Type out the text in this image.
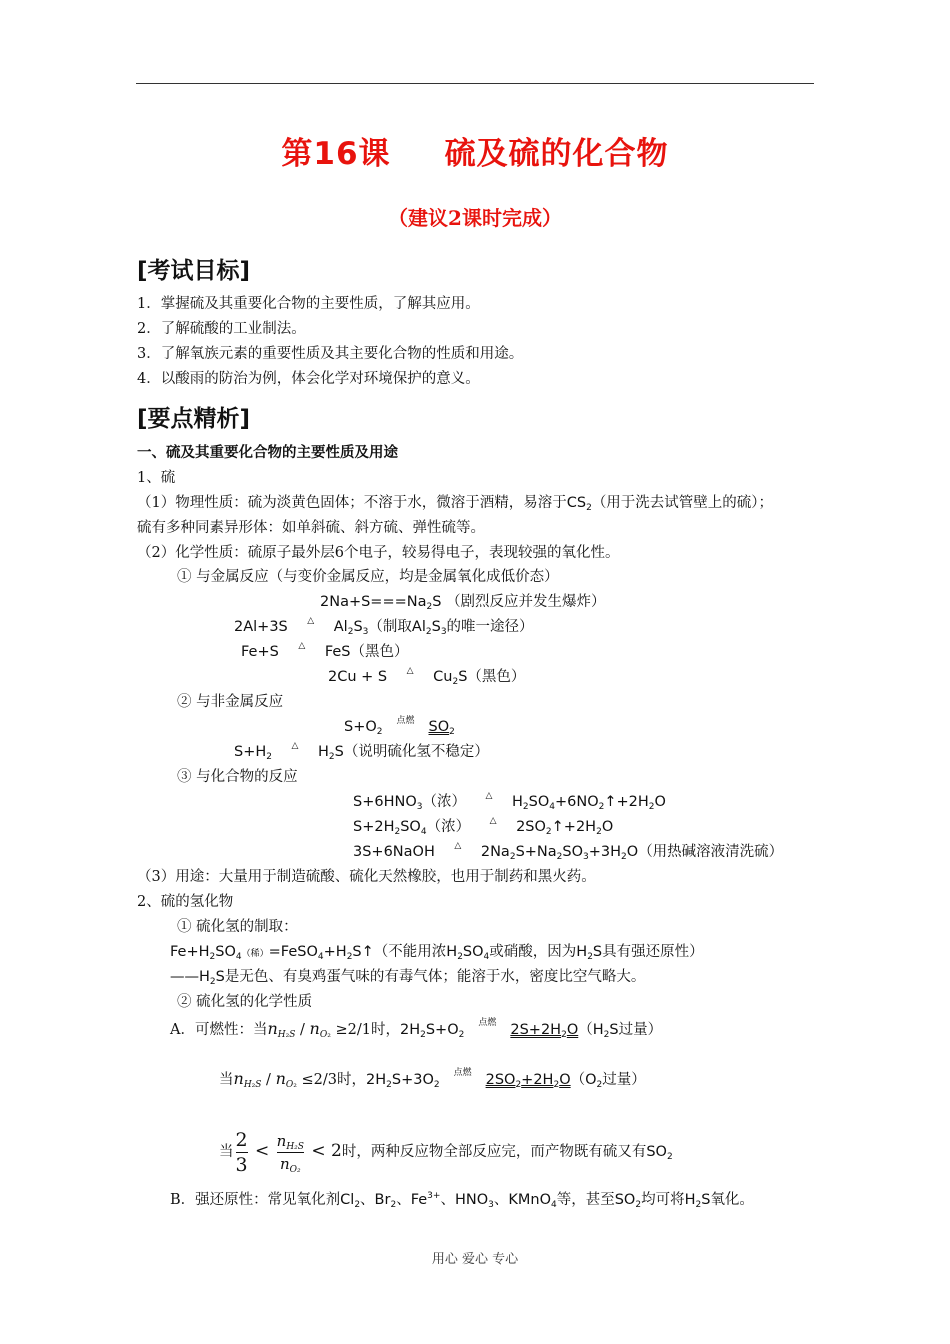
第16课 硫及硫的化合物
（建议2课时完成）
[考试目标]
1．掌握硫及其重要化合物的主要性质，了解其应用。
2．了解硫酸的工业制法。
3．了解氧族元素的重要性质及其主要化合物的性质和用途。
4．以酸雨的防治为例，体会化学对环境保护的意义。
[要点精析]
一、硫及其重要化合物的主要性质及用途
1、硫
（1）物理性质：硫为淡黄色固体；不溶于水，微溶于酒精，易溶于$CS_2$（用于洗去试管壁上的硫）；
硫有多种同素异形体：如单斜硫、斜方硫、弹性硫等。
（2）化学性质：硫原子最外层6个电子，较易得电子，表现较强的氧化性。
① 与金属反应（与变价金属反应，均是金属氧化成低价态）
$2Na+S===Na_2S$ （剧烈反应并发生爆炸）
2Al+3S	△	$Al_2S_3$（制取$Al_2S_3$的唯一途径）
Fe+S	△	FeS（黑色）
2Cu + S	△	$Cu_2S$（黑色）
② 与非金属反应
$S+O_2$
点燃 $SO_2$
$S+H_2$
△	$H_2S$（说明硫化氢不稳定）
③ 与化合物的反应
$S+6HNO_3$（浓）	△	$H_2SO_4+6NO_2↑+2H_2O$
$S+2H_2SO_4$（浓）	△	$2SO_2↑+2H_2O$
3S+6NaOH	△	$2Na_2S+Na_2SO_3+3H_2O$（用热碱溶液清洗硫）
（3）用途：大量用于制造硫酸、硫化天然橡胶，也用于制药和黑火药。
2、硫的氢化物
① 硫化氢的制取：
$Fe+H_2SO_4$（稀）$=FeSO_4+H_2S↑$（不能用浓$H_2SO_4$或硝酸，因为$H_2S$具有强还原性）
$——H_2S$是无色、有臭鸡蛋气味的有毒气体；能溶于水，密度比空气略大。
② 硫化氢的化学性质
A．可燃性：当$n_{H_2S} / n_{O_2} \ge 2/1$时，$2H_2S+O_2$
点燃 $2S+2H_2O(H_2S$过量）
当$n_{H_2S} / n_{O_2} \le 2/3$时，$2H_2S+3O_2$
点燃 $2SO_2+2H_2O(O_2$过量）
当 $\frac{2}{3} < \frac{n_{H_2S}}{n_{O_2}} < 2$时，两种反应物全部反应完，而产物既有硫又有$SO_2$
B．强还原性：常见氧化剂$Cl_2$、$Br_2$、$Fe^{3+}$、$HNO_3$、KMnO$_4$等，甚至$SO_2$均可将$H_2S$氧化。
用心 爱心 专心
